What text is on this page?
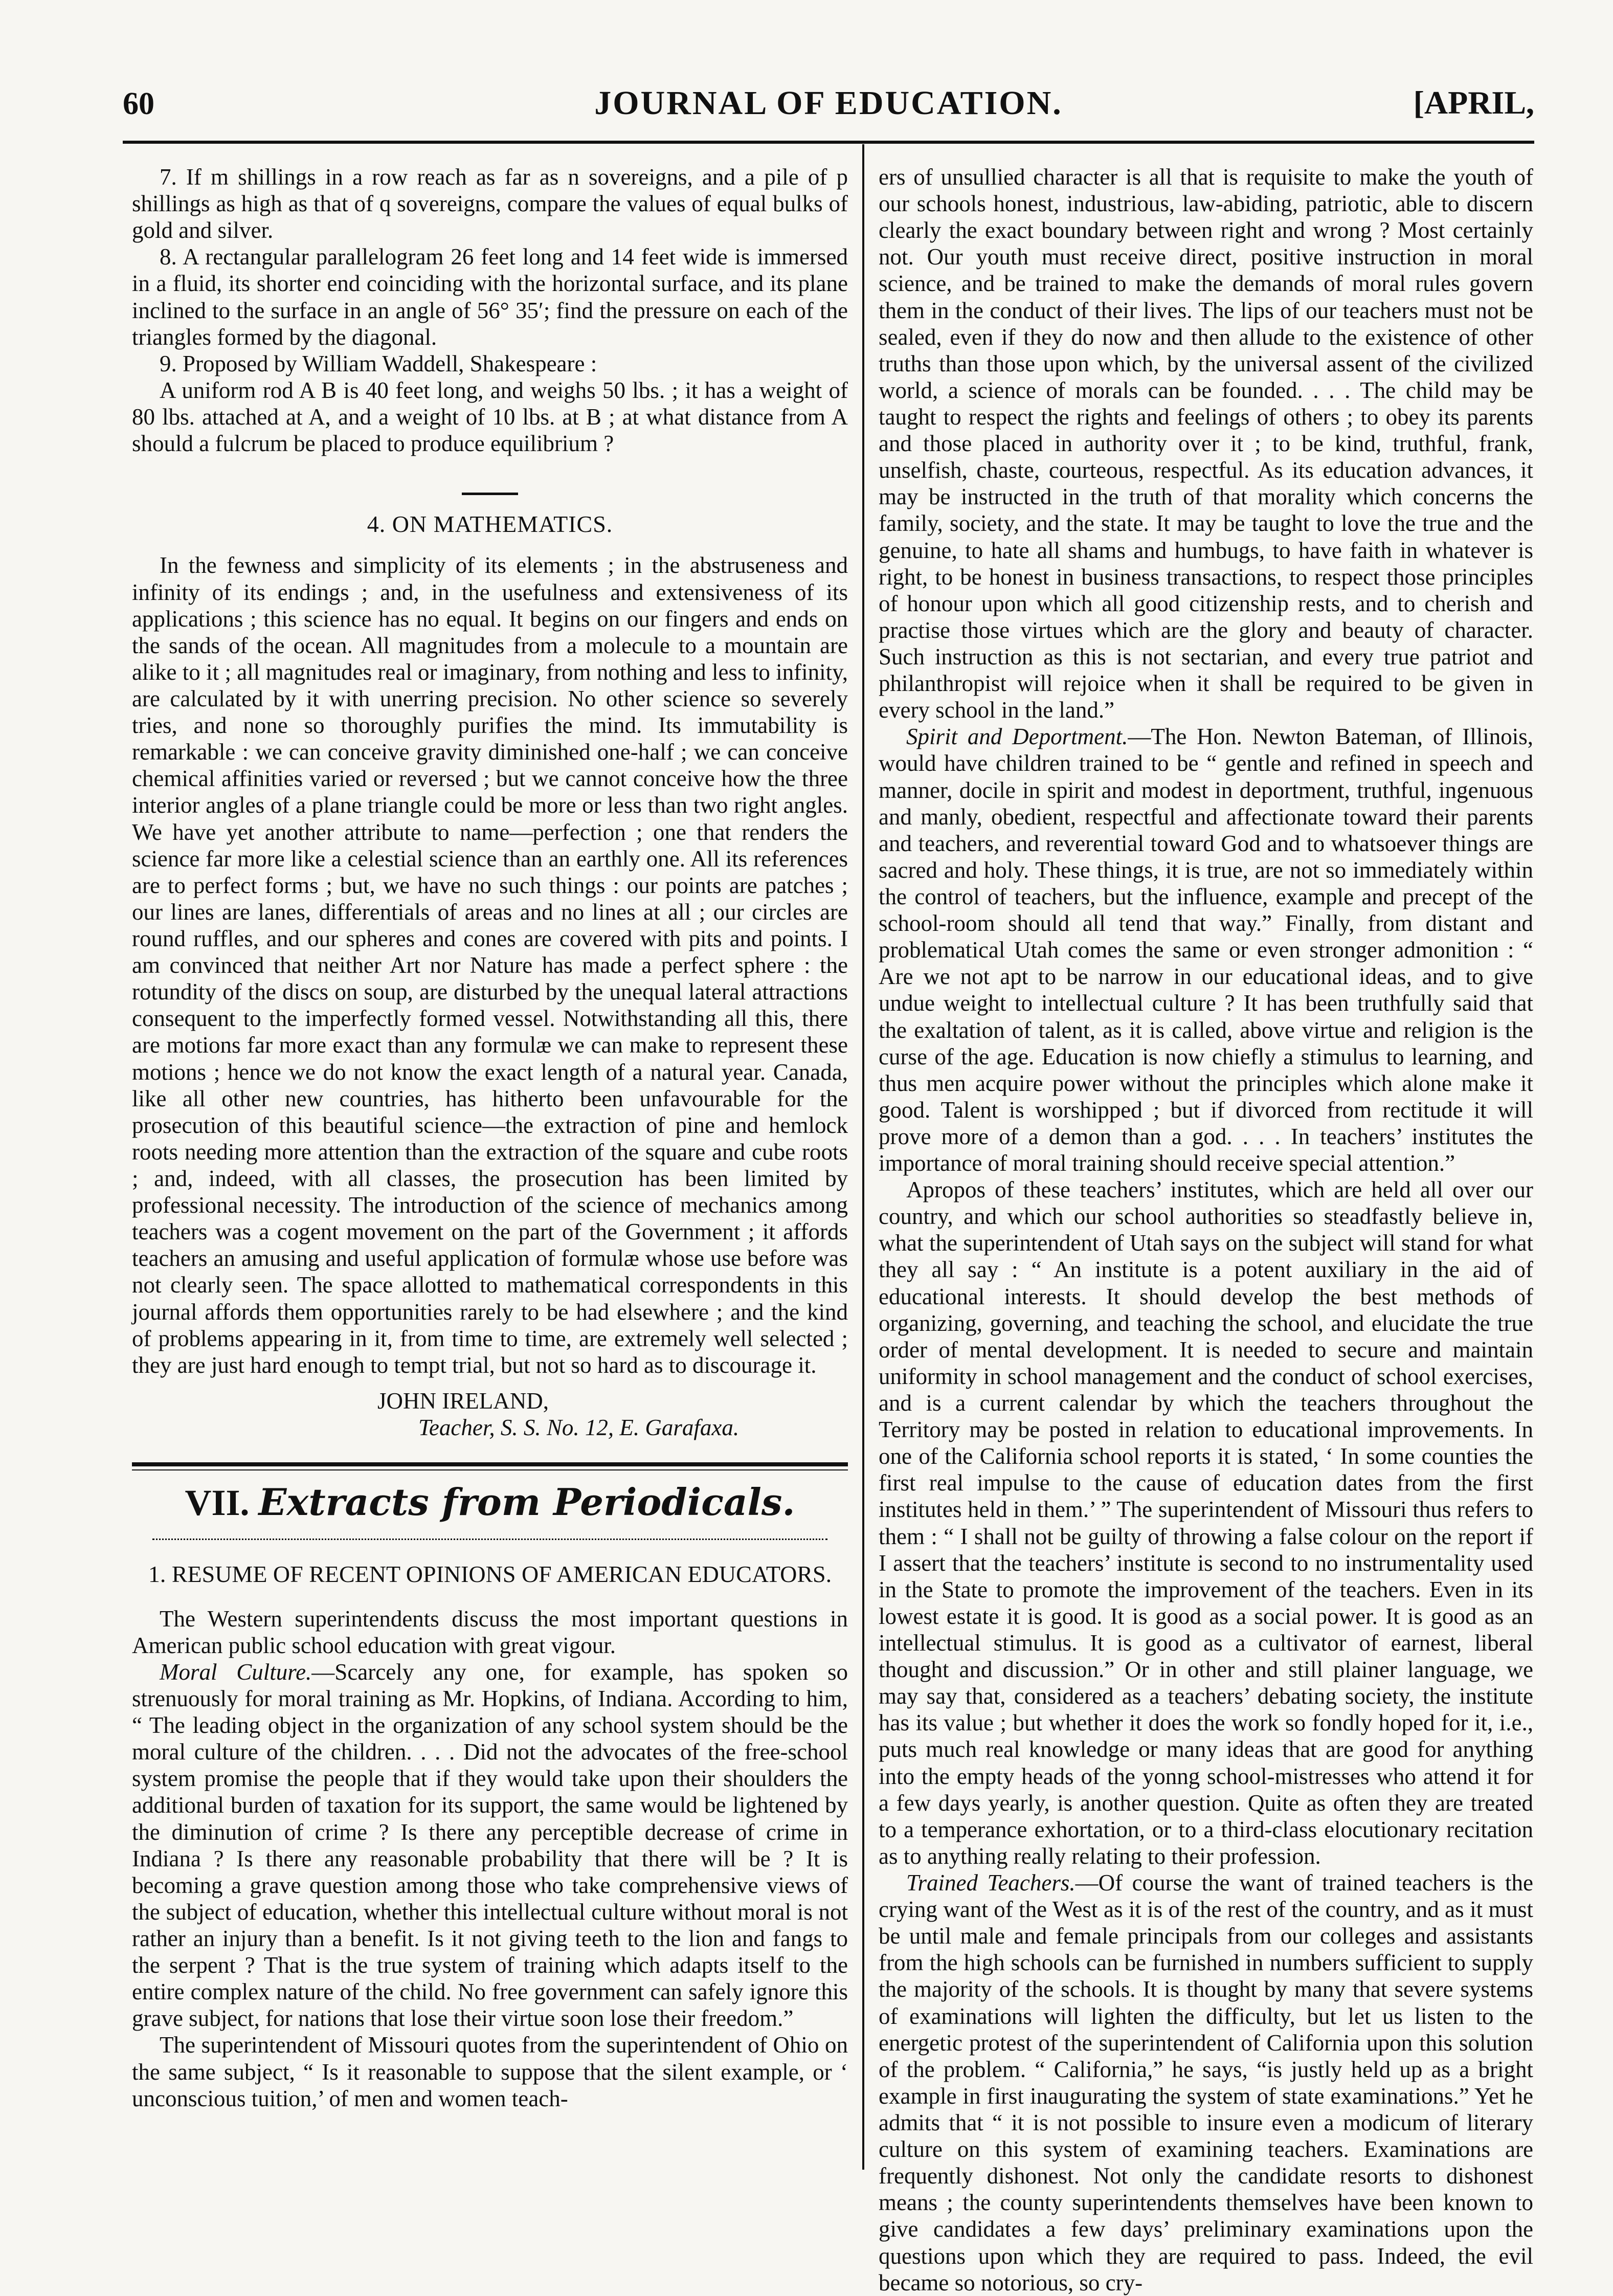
60	JOURNAL OF EDUCATION.	[APRIL,

7. If m shillings in a row reach as far as n sovereigns, and a pile of p shillings as high as that of q sovereigns, compare the values of equal bulks of gold and silver.

8. A rectangular parallelogram 26 feet long and 14 feet wide is immersed in a fluid, its shorter end coinciding with the horizontal surface, and its plane inclined to the surface in an angle of 56° 35′; find the pressure on each of the triangles formed by the diagonal.

9. Proposed by William Waddell, Shakespeare :

A uniform rod A B is 40 feet long, and weighs 50 lbs. ; it has a weight of 80 lbs. attached at A, and a weight of 10 lbs. at B ; at what distance from A should a fulcrum be placed to produce equilibrium ?

4. ON MATHEMATICS.

In the fewness and simplicity of its elements ; in the abstruseness and infinity of its endings ; and, in the usefulness and extensiveness of its applications ; this science has no equal. It begins on our fingers and ends on the sands of the ocean. All magnitudes from a molecule to a mountain are alike to it ; all magnitudes real or imaginary, from nothing and less to infinity, are calculated by it with unerring precision. No other science so severely tries, and none so thoroughly purifies the mind. Its immutability is remarkable : we can conceive gravity diminished one-half ; we can conceive chemical affinities varied or reversed ; but we cannot conceive how the three interior angles of a plane triangle could be more or less than two right angles. We have yet another attribute to name—perfection ; one that renders the science far more like a celestial science than an earthly one. All its references are to perfect forms ; but, we have no such things : our points are patches ; our lines are lanes, differentials of areas and no lines at all ; our circles are round ruffles, and our spheres and cones are covered with pits and points. I am convinced that neither Art nor Nature has made a perfect sphere : the rotundity of the discs on soup, are disturbed by the unequal lateral attractions consequent to the imperfectly formed vessel. Notwithstanding all this, there are motions far more exact than any formulæ we can make to represent these motions ; hence we do not know the exact length of a natural year. Canada, like all other new countries, has hitherto been unfavourable for the prosecution of this beautiful science—the extraction of pine and hemlock roots needing more attention than the extraction of the square and cube roots ; and, indeed, with all classes, the prosecution has been limited by professional necessity. The introduction of the science of mechanics among teachers was a cogent movement on the part of the Government ; it affords teachers an amusing and useful application of formulæ whose use before was not clearly seen. The space allotted to mathematical correspondents in this journal affords them opportunities rarely to be had elsewhere ; and the kind of problems appearing in it, from time to time, are extremely well selected ; they are just hard enough to tempt trial, but not so hard as to discourage it.

JOHN IRELAND,
Teacher, S. S. No. 12, E. Garafaxa.
VII. Extracts from Periodicals.
1. RESUME OF RECENT OPINIONS OF AMERICAN EDUCATORS.

The Western superintendents discuss the most important questions in American public school education with great vigour.

Moral Culture.—Scarcely any one, for example, has spoken so strenuously for moral training as Mr. Hopkins, of Indiana. According to him, “ The leading object in the organization of any school system should be the moral culture of the children. . . . Did not the advocates of the free-school system promise the people that if they would take upon their shoulders the additional burden of taxation for its support, the same would be lightened by the diminution of crime ? Is there any perceptible decrease of crime in Indiana ? Is there any reasonable probability that there will be ? It is becoming a grave question among those who take comprehensive views of the subject of education, whether this intellectual culture without moral is not rather an injury than a benefit. Is it not giving teeth to the lion and fangs to the serpent ? That is the true system of training which adapts itself to the entire complex nature of the child. No free government can safely ignore this grave subject, for nations that lose their virtue soon lose their freedom.”

The superintendent of Missouri quotes from the superintendent of Ohio on the same subject, “ Is it reasonable to suppose that the silent example, or ‘ unconscious tuition,’ of men and women teach-

ers of unsullied character is all that is requisite to make the youth of our schools honest, industrious, law-abiding, patriotic, able to discern clearly the exact boundary between right and wrong ? Most certainly not. Our youth must receive direct, positive instruction in moral science, and be trained to make the demands of moral rules govern them in the conduct of their lives. The lips of our teachers must not be sealed, even if they do now and then allude to the existence of other truths than those upon which, by the universal assent of the civilized world, a science of morals can be founded. . . . The child may be taught to respect the rights and feelings of others ; to obey its parents and those placed in authority over it ; to be kind, truthful, frank, unselfish, chaste, courteous, respectful. As its education advances, it may be instructed in the truth of that morality which concerns the family, society, and the state. It may be taught to love the true and the genuine, to hate all shams and humbugs, to have faith in whatever is right, to be honest in business transactions, to respect those principles of honour upon which all good citizenship rests, and to cherish and practise those virtues which are the glory and beauty of character. Such instruction as this is not sectarian, and every true patriot and philanthropist will rejoice when it shall be required to be given in every school in the land.”

Spirit and Deportment.—The Hon. Newton Bateman, of Illinois, would have children trained to be “ gentle and refined in speech and manner, docile in spirit and modest in deportment, truthful, ingenuous and manly, obedient, respectful and affectionate toward their parents and teachers, and reverential toward God and to whatsoever things are sacred and holy. These things, it is true, are not so immediately within the control of teachers, but the influence, example and precept of the school-room should all tend that way.” Finally, from distant and problematical Utah comes the same or even stronger admonition : “ Are we not apt to be narrow in our educational ideas, and to give undue weight to intellectual culture ? It has been truthfully said that the exaltation of talent, as it is called, above virtue and religion is the curse of the age. Education is now chiefly a stimulus to learning, and thus men acquire power without the principles which alone make it good. Talent is worshipped ; but if divorced from rectitude it will prove more of a demon than a god. . . . In teachers’ institutes the importance of moral training should receive special attention.”

Apropos of these teachers’ institutes, which are held all over our country, and which our school authorities so steadfastly believe in, what the superintendent of Utah says on the subject will stand for what they all say : “ An institute is a potent auxiliary in the aid of educational interests. It should develop the best methods of organizing, governing, and teaching the school, and elucidate the true order of mental development. It is needed to secure and maintain uniformity in school management and the conduct of school exercises, and is a current calendar by which the teachers throughout the Territory may be posted in relation to educational improvements. In one of the California school reports it is stated, ‘ In some counties the first real impulse to the cause of education dates from the first institutes held in them.’ ” The superintendent of Missouri thus refers to them : “ I shall not be guilty of throwing a false colour on the report if I assert that the teachers’ institute is second to no instrumentality used in the State to promote the improvement of the teachers. Even in its lowest estate it is good. It is good as a social power. It is good as an intellectual stimulus. It is good as a cultivator of earnest, liberal thought and discussion.” Or in other and still plainer language, we may say that, considered as a teachers’ debating society, the institute has its value ; but whether it does the work so fondly hoped for it, i.e., puts much real knowledge or many ideas that are good for anything into the empty heads of the yonng school-mistresses who attend it for a few days yearly, is another question. Quite as often they are treated to a temperance exhortation, or to a third-class elocutionary recitation as to anything really relating to their profession.

Trained Teachers.—Of course the want of trained teachers is the crying want of the West as it is of the rest of the country, and as it must be until male and female principals from our colleges and assistants from the high schools can be furnished in numbers sufficient to supply the majority of the schools. It is thought by many that severe systems of examinations will lighten the difficulty, but let us listen to the energetic protest of the superintendent of California upon this solution of the problem. “ California,” he says, “is justly held up as a bright example in first inaugurating the system of state examinations.” Yet he admits that “ it is not possible to insure even a modicum of literary culture on this system of examining teachers. Examinations are frequently dishonest. Not only the candidate resorts to dishonest means ; the county superintendents themselves have been known to give candidates a few days’ preliminary examinations upon the questions upon which they are required to pass. Indeed, the evil became so notorious, so cry-
